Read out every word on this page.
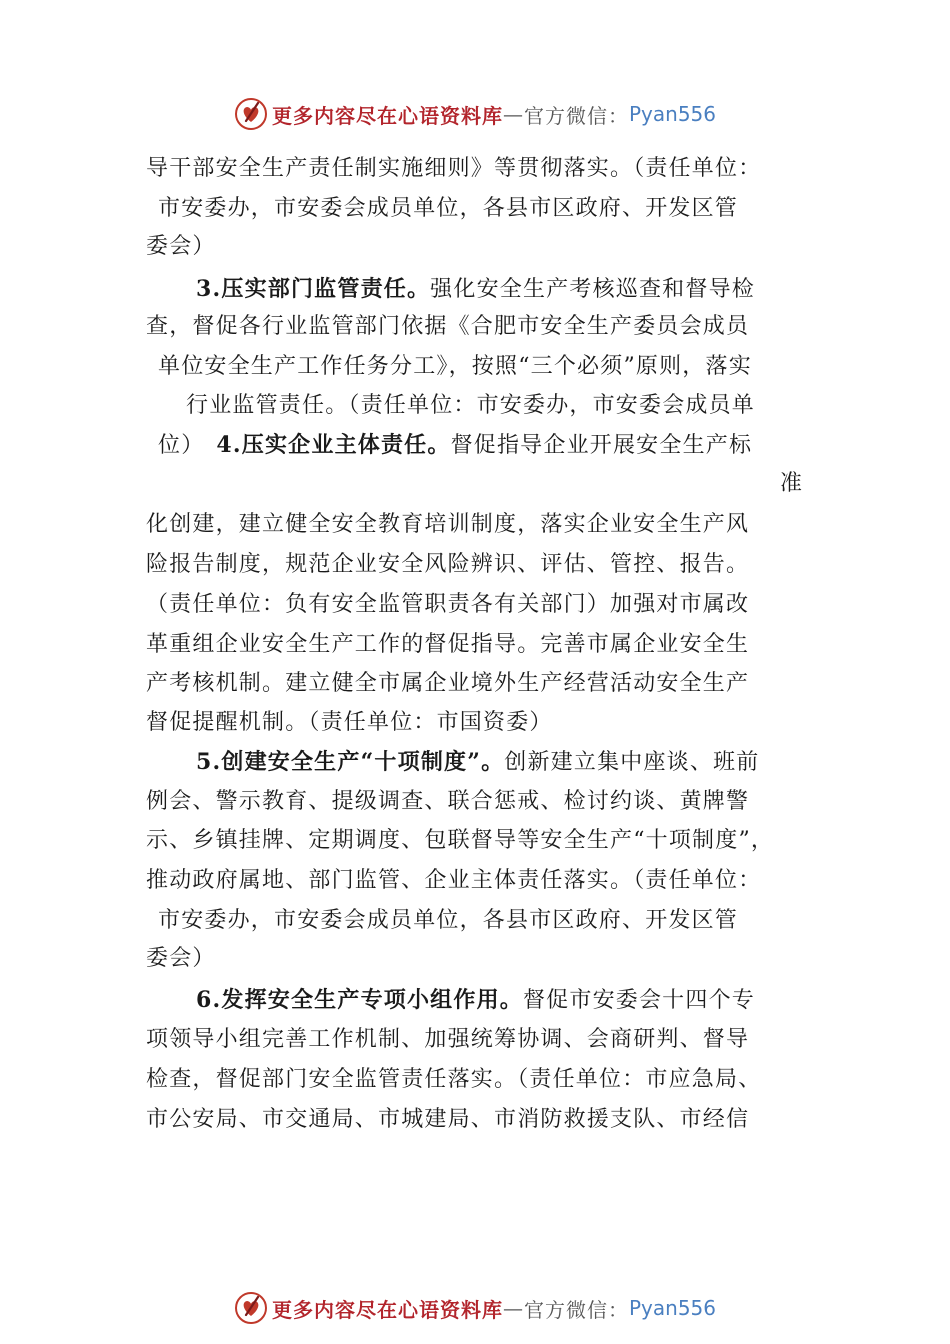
更多内容尽在心语资料库 — 官方微信： Pyan556
导干部安全生产责任制实施细则》等贯彻落实。（责任单位：
市安委办，市安委会成员单位，各县市区政府、开发区管
委会）
3.压实部门监管责任。强化安全生产考核巡查和督导检
查，督促各行业监管部门依据《合肥市安全生产委员会成员
单位安全生产工作任务分工》，按照“三个必须”原则，落实
行业监管责任。（责任单位：市安委办，市安委会成员单
位） 4.压实企业主体责任。督促指导企业开展安全生产标
准
化创建，建立健全安全教育培训制度，落实企业安全生产风
险报告制度，规范企业安全风险辨识、评估、管控、报告。
（责任单位：负有安全监管职责各有关部门）加强对市属改
革重组企业安全生产工作的督促指导。完善市属企业安全生
产考核机制。建立健全市属企业境外生产经营活动安全生产
督促提醒机制。（责任单位：市国资委）
5.创建安全生产“十项制度”。创新建立集中座谈、班前
例会、警示教育、提级调查、联合惩戒、检讨约谈、黄牌警
示、乡镇挂牌、定期调度、包联督导等安全生产“十项制度”，
推动政府属地、部门监管、企业主体责任落实。（责任单位：
市安委办，市安委会成员单位，各县市区政府、开发区管
委会）
6.发挥安全生产专项小组作用。督促市安委会十四个专
项领导小组完善工作机制、加强统筹协调、会商研判、督导
检查，督促部门安全监管责任落实。（责任单位：市应急局、
市公安局、市交通局、市城建局、市消防救援支队、市经信
更多内容尽在心语资料库 — 官方微信： Pyan556
